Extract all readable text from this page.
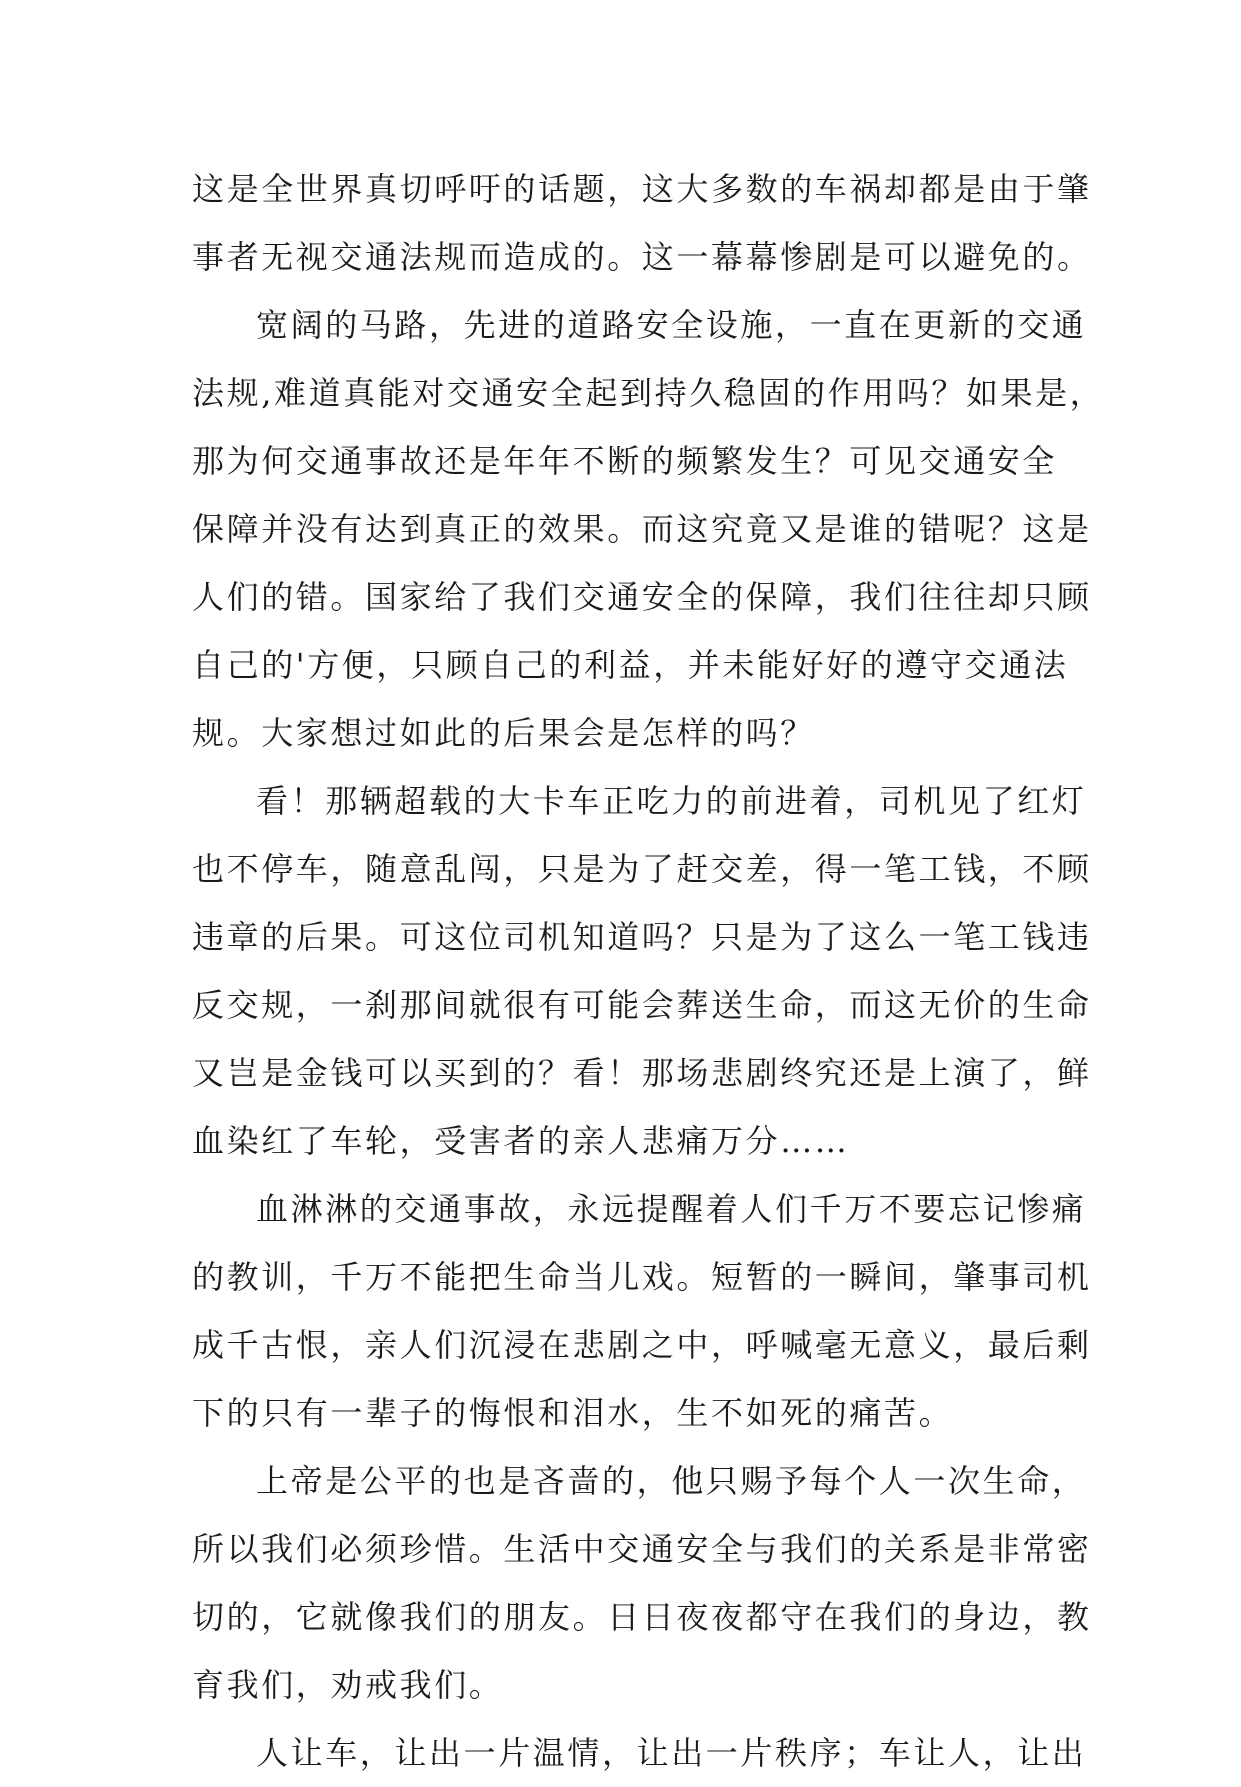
这是全世界真切呼吁的话题，这大多数的车祸却都是由于肇
事者无视交通法规而造成的。这一幕幕惨剧是可以避免的。
宽阔的马路，先进的道路安全设施，一直在更新的交通
法规,难道真能对交通安全起到持久稳固的作用吗？如果是，
那为何交通事故还是年年不断的频繁发生？可见交通安全
保障并没有达到真正的效果。而这究竟又是谁的错呢？这是
人们的错。国家给了我们交通安全的保障，我们往往却只顾
自己的'方便，只顾自己的利益，并未能好好的遵守交通法
规。大家想过如此的后果会是怎样的吗？
看！那辆超载的大卡车正吃力的前进着，司机见了红灯
也不停车，随意乱闯，只是为了赶交差，得一笔工钱，不顾
违章的后果。可这位司机知道吗？只是为了这么一笔工钱违
反交规，一刹那间就很有可能会葬送生命，而这无价的生命
又岂是金钱可以买到的？看！那场悲剧终究还是上演了，鲜
血染红了车轮，受害者的亲人悲痛万分……
血淋淋的交通事故，永远提醒着人们千万不要忘记惨痛
的教训，千万不能把生命当儿戏。短暂的一瞬间，肇事司机
成千古恨，亲人们沉浸在悲剧之中，呼喊毫无意义，最后剩
下的只有一辈子的悔恨和泪水，生不如死的痛苦。
上帝是公平的也是吝啬的，他只赐予每个人一次生命，
所以我们必须珍惜。生活中交通安全与我们的关系是非常密
切的，它就像我们的朋友。日日夜夜都守在我们的身边，教
育我们，劝戒我们。
人让车，让出一片温情，让出一片秩序；车让人，让出
